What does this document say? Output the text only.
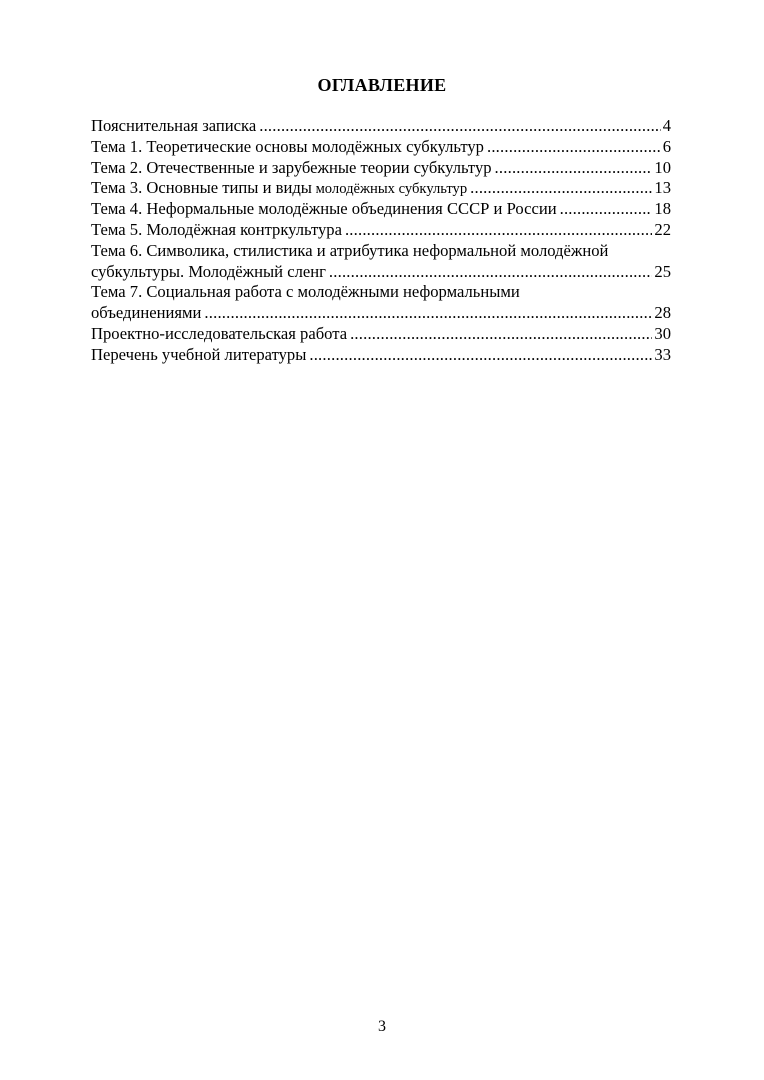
ОГЛАВЛЕНИЕ
Пояснительная записка .....	4
Тема 1. Теоретические основы молодёжных субкультур .....	6
Тема 2. Отечественные и зарубежные теории субкультур .....	10
Тема 3. Основные типы и виды молодёжных субкультур .....	13
Тема 4. Неформальные молодёжные объединения СССР и России .....	18
Тема 5. Молодёжная контркультура .....	22
Тема 6. Символика, стилистика и атрибутика неформальной молодёжной
субкультуры. Молодёжный сленг .....	25
Тема 7. Социальная работа с молодёжными неформальными
объединениями .....	28
Проектно-исследовательская работа .....	30
Перечень учебной литературы .....	33
3
